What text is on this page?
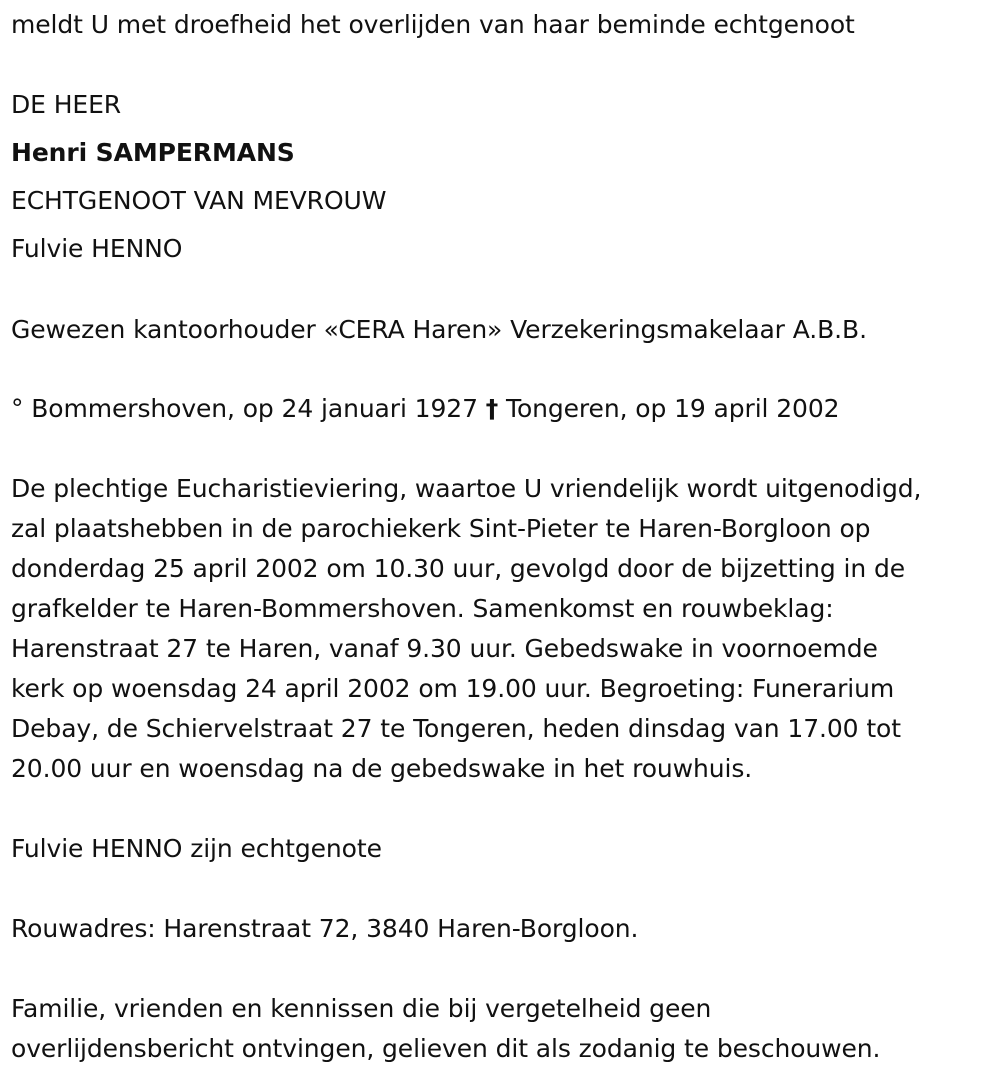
meldt U met droefheid het overlijden van haar beminde echtgenoot
DE HEER
Henri SAMPERMANS
ECHTGENOOT VAN MEVROUW
Fulvie HENNO
Gewezen kantoorhouder «CERA Haren» Verzekeringsmakelaar A.B.B.
° Bommershoven, op 24 januari 1927 † Tongeren, op 19 april 2002
De plechtige Eucharistieviering, waartoe U vriendelijk wordt uitgenodigd,
zal plaatshebben in de parochiekerk Sint-Pieter te Haren-Borgloon op
donderdag 25 april 2002 om 10.30 uur, gevolgd door de bijzetting in de
grafkelder te Haren-Bommershoven. Samenkomst en rouwbeklag:
Harenstraat 27 te Haren, vanaf 9.30 uur. Gebedswake in voornoemde
kerk op woensdag 24 april 2002 om 19.00 uur. Begroeting: Funerarium
Debay, de Schiervelstraat 27 te Tongeren, heden dinsdag van 17.00 tot
20.00 uur en woensdag na de gebedswake in het rouwhuis.
Fulvie HENNO zijn echtgenote
Rouwadres: Harenstraat 72, 3840 Haren-Borgloon.
Familie, vrienden en kennissen die bij vergetelheid geen
overlijdensbericht ontvingen, gelieven dit als zodanig te beschouwen.
